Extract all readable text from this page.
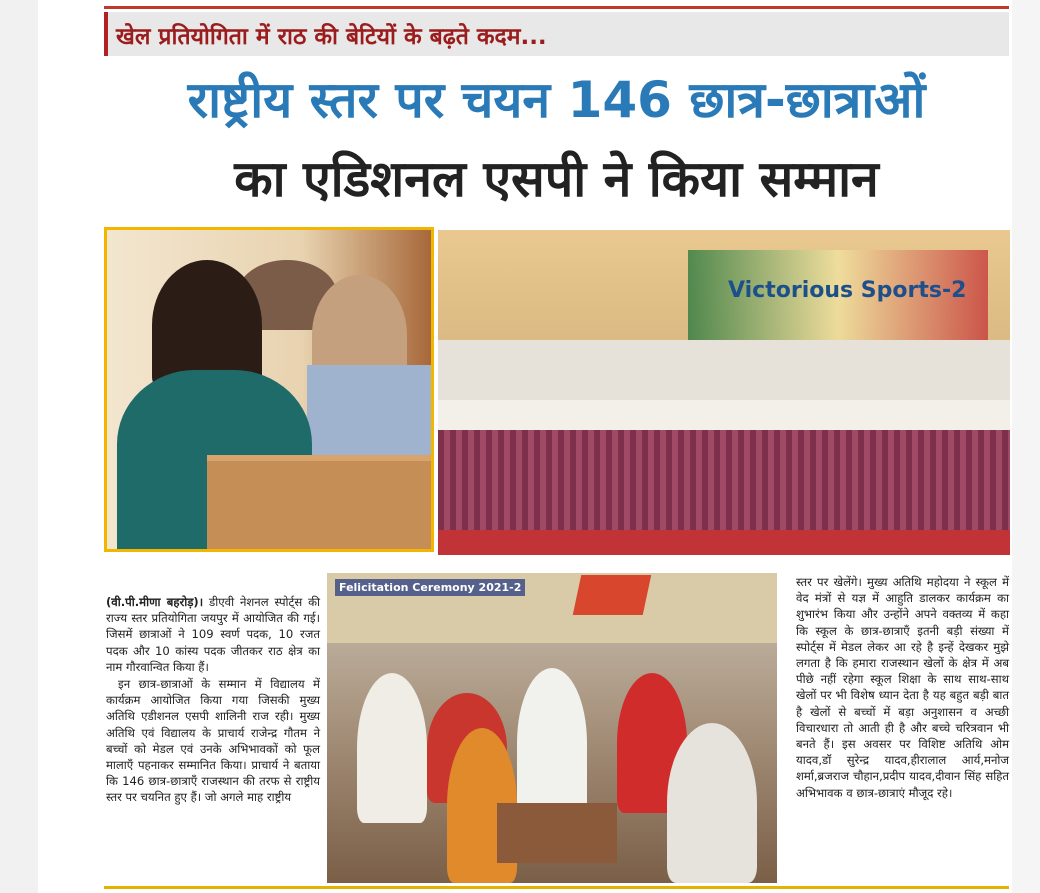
खेल प्रतियोगिता में राठ की बेटियों के बढ़ते कदम...
राष्ट्रीय स्तर पर चयन 146 छात्र-छात्राओं
का एडिशनल एसपी ने किया सम्मान
Victorious Sports-2
Felicitation Ceremony 2021-2

(वी.पी.मीणा बहरोड़)। डीएवी नेशनल स्पोर्ट्स की राज्य स्तर प्रतियोगिता जयपुर में आयोजित की गई। जिसमें छात्राओं ने 109 स्वर्ण पदक, 10 रजत पदक और 10 कांस्य पदक जीतकर राठ क्षेत्र का नाम गौरवान्वित किया हैं।

इन छात्र-छात्राओं के सम्मान में विद्यालय में कार्यक्रम आयोजित किया गया जिसकी मुख्य अतिथि एडीशनल एसपी शालिनी राज रही। मुख्य अतिथि एवं विद्यालय के प्राचार्य राजेन्द्र गौतम ने बच्चों को मेडल एवं उनके अभिभावकों को फूल मालाएँ पहनाकर सम्मानित किया। प्राचार्य ने बताया कि 146 छात्र-छात्राएँ राजस्थान की तरफ से राष्ट्रीय स्तर पर चयनित हुए हैं। जो अगले माह राष्ट्रीय

स्तर पर खेलेंगे। मुख्य अतिथि महोदया ने स्कूल में वेद मंत्रों से यज्ञ में आहुति डालकर कार्यक्रम का शुभारंभ किया और उन्होंने अपने वक्तव्य में कहा कि स्कूल के छात्र-छात्राएँ इतनी बड़ी संख्या में स्पोर्ट्स में मेडल लेकर आ रहे है इन्हें देखकर मुझे लगता है कि हमारा राजस्थान खेलों के क्षेत्र में अब पीछे नहीं रहेगा स्कूल शिक्षा के साथ साथ-साथ खेलों पर भी विशेष ध्यान देता है यह बहुत बड़ी बात है खेलों से बच्चों में बड़ा अनुशासन व अच्छी विचारधारा तो आती ही है और बच्चे चरित्रवान भी बनते हैं। इस अवसर पर विशिष्ट अतिथि ओम यादव,डॉ सुरेन्द्र यादव,हीरालाल आर्य,मनोज शर्मा,ब्रजराज चौहान,प्रदीप यादव,दीवान सिंह सहित अभिभावक व छात्र-छात्राएं मौजूद रहे।
